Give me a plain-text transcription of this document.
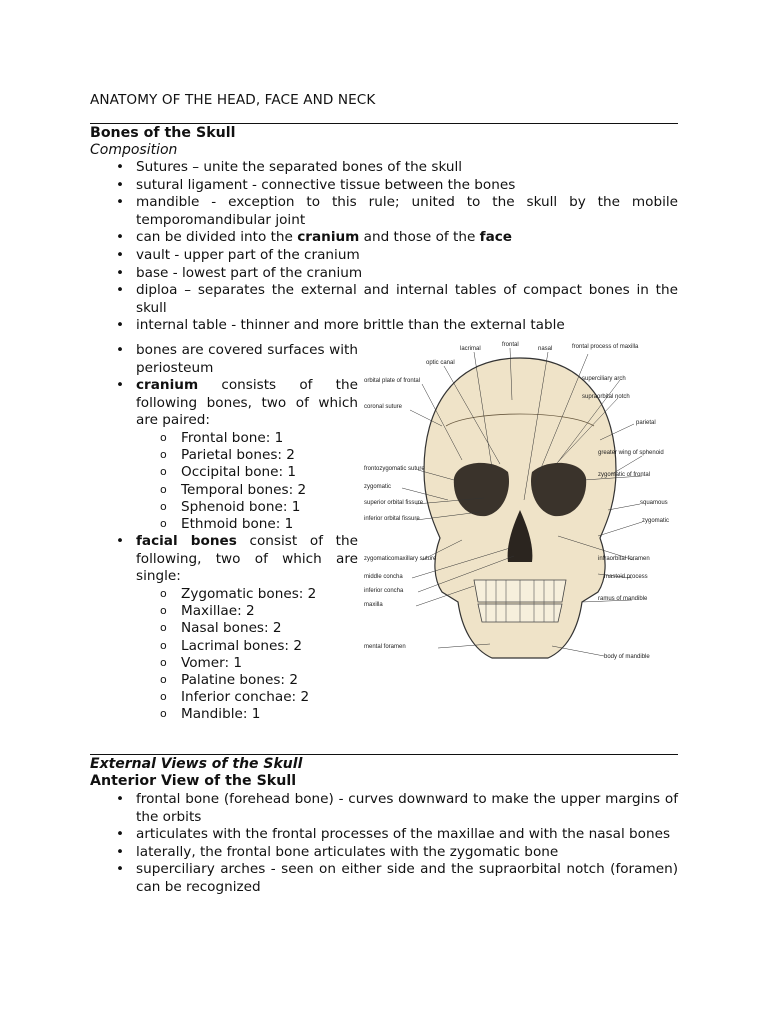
ANATOMY OF THE HEAD, FACE AND NECK
Bones of the Skull
Composition
• Sutures – unite the separated bones of the skull
• sutural ligament - connective tissue between the bones
• mandible - exception to this rule; united to the skull by the mobile temporomandibular joint
• can be divided into the cranium and those of the face
• vault - upper part of the cranium
• base - lowest part of the cranium
• diploa – separates the external and internal tables of compact bones in the skull
• internal table - thinner and more brittle than the external table
• bones are covered surfaces with periosteum
• cranium consists of the following bones, two of which are paired:
o Frontal bone: 1
o Parietal bones: 2
o Occipital bone: 1
o Temporal bones: 2
o Sphenoid bone: 1
o Ethmoid bone: 1
• facial bones consist of the following, two of which are single:
o Zygomatic bones: 2
o Maxillae: 2
o Nasal bones: 2
o Lacrimal bones: 2
o Vomer: 1
o Palatine bones: 2
o Inferior conchae: 2
o Mandible: 1
lacrimal	nasal	frontal process of maxilla
optic canal
frontal
orbital plate of frontal
coronal suture
frontozygomatic suture
zygomatic
superior orbital fissure
inferior orbital fissure
zygomaticomaxillary suture
middle concha
inferior concha
maxilla
mental foramen
superciliary arch
supraorbital notch
parietal
greater wing of sphenoid
zygomatic of frontal
squamous
zygomatic
infraorbital foramen
mastoid process
ramus of mandible
body of mandible
External Views of the Skull
Anterior View of the Skull
• frontal bone (forehead bone) - curves downward to make the upper margins of the orbits
• articulates with the frontal processes of the maxillae and with the nasal bones
• laterally, the frontal bone articulates with the zygomatic bone
• superciliary arches - seen on either side and the supraorbital notch (foramen) can be recognized
